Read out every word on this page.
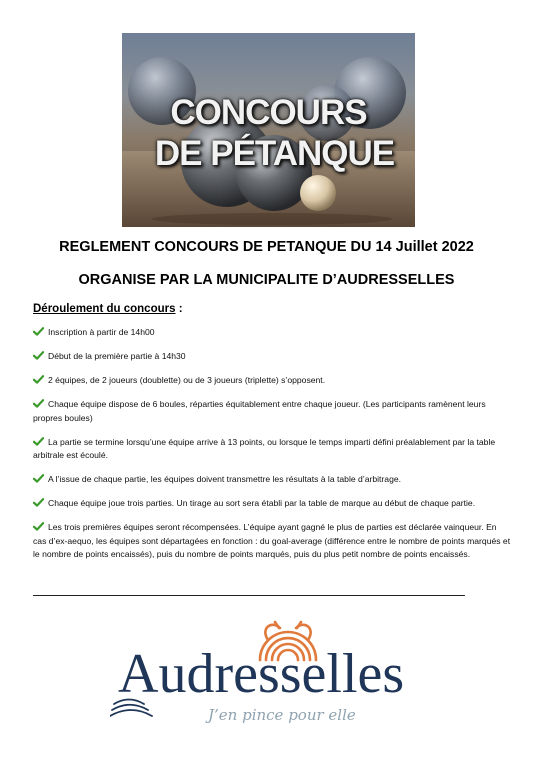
CONCOURS
DE PÉTANQUE
REGLEMENT CONCOURS DE PETANQUE DU 14 Juillet 2022
ORGANISE PAR LA MUNICIPALITE D’AUDRESSELLES
Déroulement du concours :
Inscription à partir de 14h00
Début de la première partie à 14h30
2 équipes, de 2 joueurs (doublette) ou de 3 joueurs (triplette) s’opposent.
Chaque équipe dispose de 6 boules, réparties équitablement entre chaque joueur. (Les participants ramènent leurs propres boules)
La partie se termine lorsqu’une équipe arrive à 13 points, ou lorsque le temps imparti défini préalablement par la table arbitrale est écoulé.
A l’issue de chaque partie, les équipes doivent transmettre les résultats à la table d’arbitrage.
Chaque équipe joue trois parties. Un tirage au sort sera établi par la table de marque au début de chaque partie.
Les trois premières équipes seront récompensées. L’équipe ayant gagné le plus de parties est déclarée vainqueur. En cas d’ex-aequo, les équipes sont départagées en fonction : du goal-average (différence entre le nombre de points marqués et le nombre de points encaissés), puis du nombre de points marqués, puis du plus petit nombre de points encaissés.
Audresselles
J’en pince pour elle
